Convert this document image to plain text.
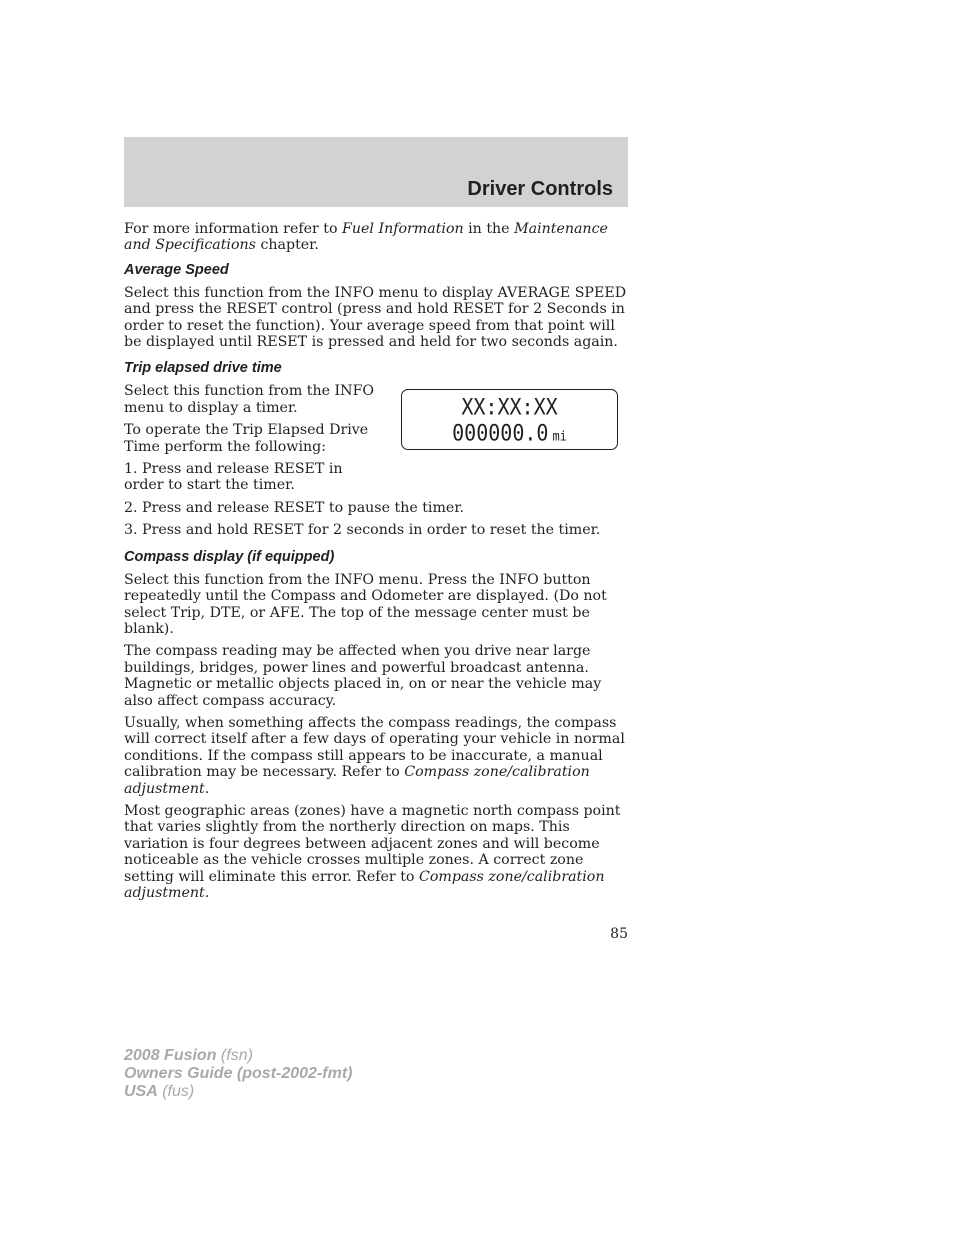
Driver Controls

For more information refer to Fuel Information in the Maintenance and Specifications chapter.

Average Speed

Select this function from the INFO menu to display AVERAGE SPEED and press the RESET control (press and hold RESET for 2 Seconds in order to reset the function). Your average speed from that point will be displayed until RESET is pressed and held for two seconds again.

Trip elapsed drive time

Select this function from the INFO menu to display a timer.

To operate the Trip Elapsed Drive Time perform the following:

1. Press and release RESET in order to start the timer.

2. Press and release RESET to pause the timer.

3. Press and hold RESET for 2 seconds in order to reset the timer.

Compass display (if equipped)

Select this function from the INFO menu. Press the INFO button repeatedly until the Compass and Odometer are displayed. (Do not select Trip, DTE, or AFE. The top of the message center must be blank).

The compass reading may be affected when you drive near large buildings, bridges, power lines and powerful broadcast antenna. Magnetic or metallic objects placed in, on or near the vehicle may also affect compass accuracy.

Usually, when something affects the compass readings, the compass will correct itself after a few days of operating your vehicle in normal conditions. If the compass still appears to be inaccurate, a manual calibration may be necessary. Refer to Compass zone/calibration adjustment.

Most geographic areas (zones) have a magnetic north compass point that varies slightly from the northerly direction on maps. This variation is four degrees between adjacent zones and will become noticeable as the vehicle crosses multiple zones. A correct zone setting will eliminate this error. Refer to Compass zone/calibration adjustment.

XX:XX:XX
000000.0 mi
85
2008 Fusion (fsn)
Owners Guide (post-2002-fmt)
USA (fus)
